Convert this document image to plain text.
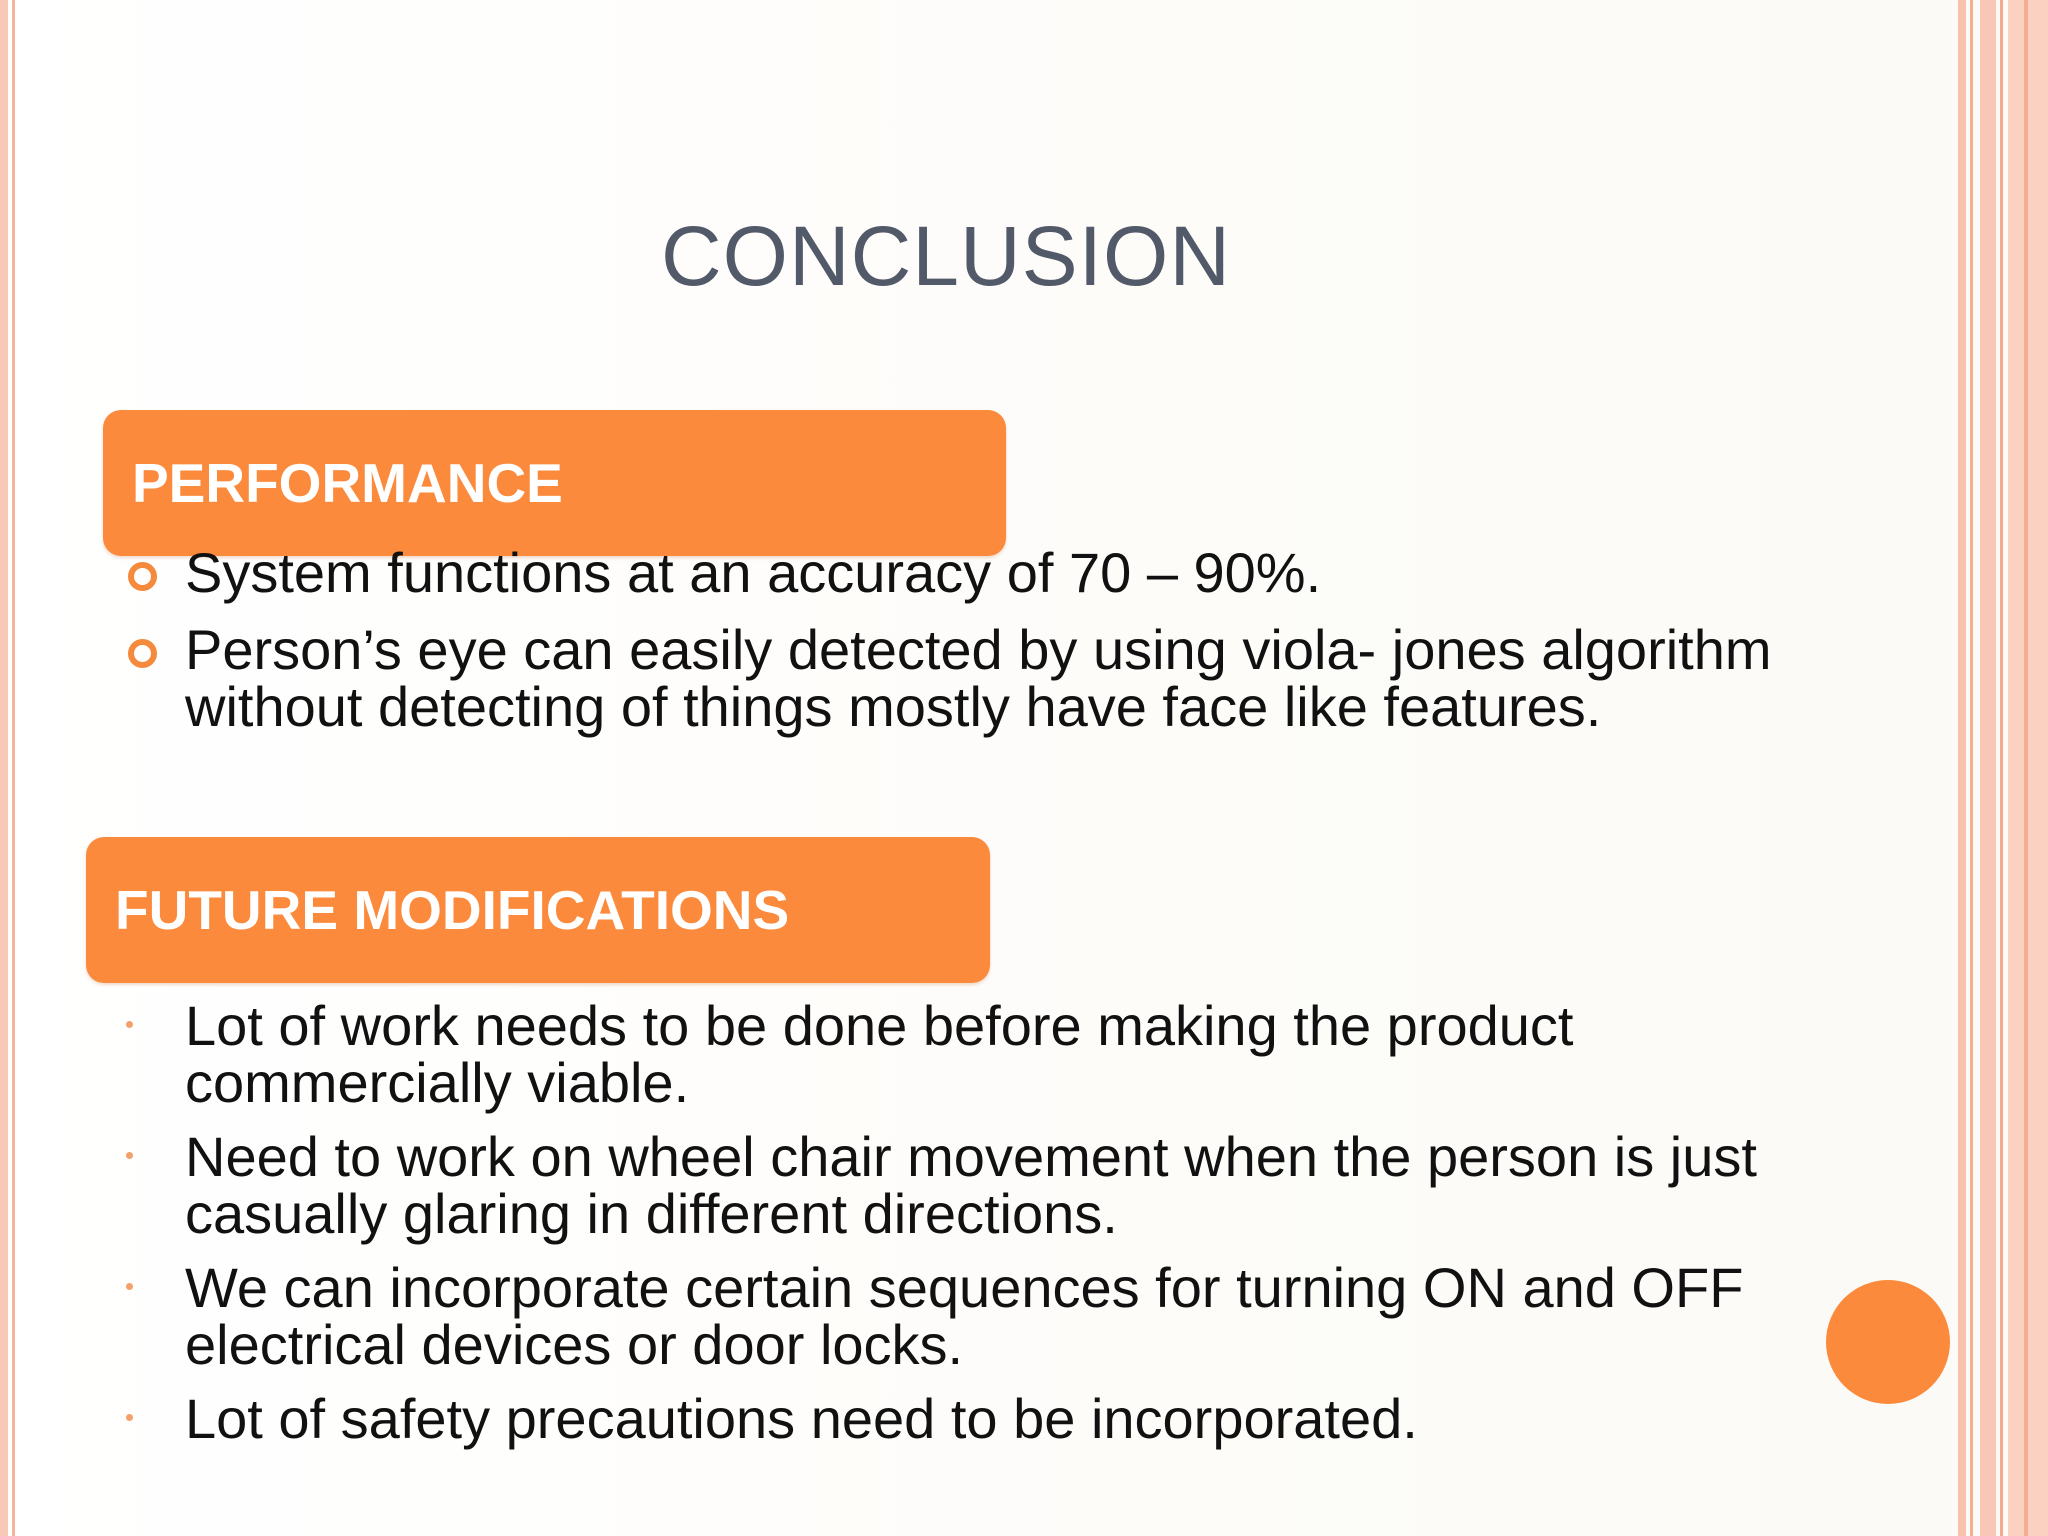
CONCLUSION
PERFORMANCE
System functions at an accuracy of 70 – 90%.
Person’s eye can easily detected by using viola- jones algorithm without detecting of things mostly have face like features.
FUTURE MODIFICATIONS
Lot of work needs to be done before making the product commercially viable.
Need to work on wheel chair movement when the person is just casually glaring in different directions.
We can incorporate certain sequences for turning ON and OFF electrical devices or door locks.
Lot of safety precautions need to be incorporated.
